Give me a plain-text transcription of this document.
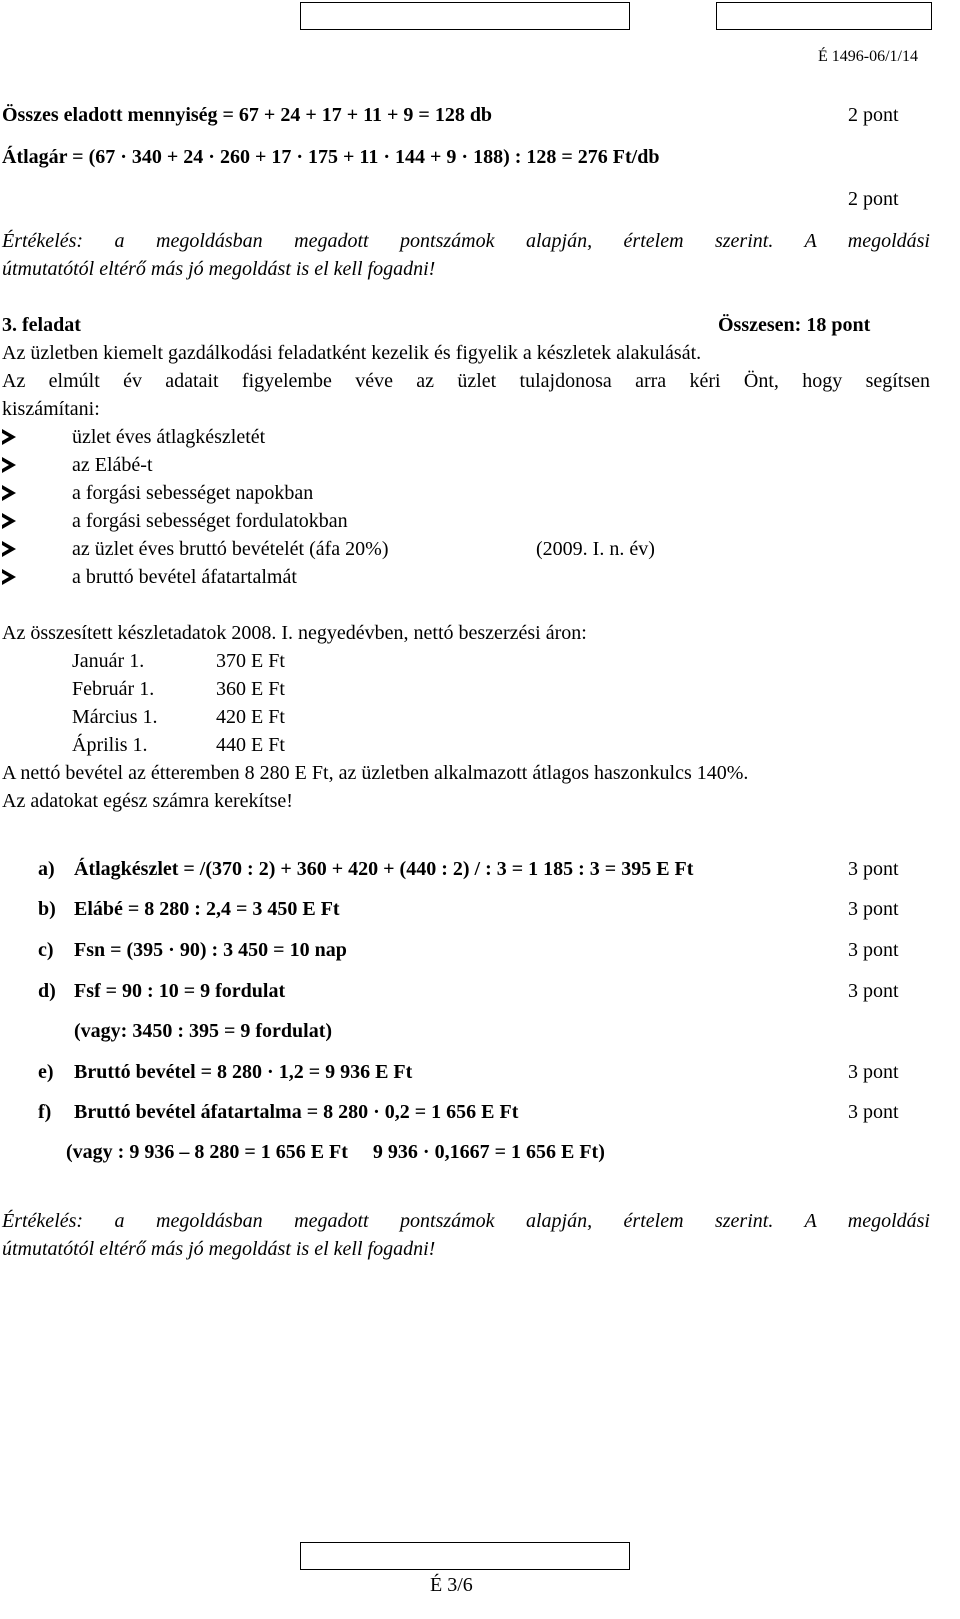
É 1496-06/1/14
Összes eladott mennyiség = 67 + 24 + 17 + 11 + 9 = 128 db	2 pont
Átlagár = (67 · 340 + 24 · 260 + 17 · 175 + 11 · 144 + 9 · 188) : 128 = 276 Ft/db
2 pont
Értékelés: a megoldásban megadott pontszámok alapján, értelem szerint. A megoldási
útmutatótól eltérő más jó megoldást is el kell fogadni!
3. feladat	Összesen: 18 pont
Az üzletben kiemelt gazdálkodási feladatként kezelik és figyelik a készletek alakulását.
Az elmúlt év adatait figyelembe véve az üzlet tulajdonosa arra kéri Önt, hogy segítsen
kiszámítani:
üzlet éves átlagkészletét
az Elábé-t
a forgási sebességet napokban
a forgási sebességet fordulatokban
az üzlet éves bruttó bevételét (áfa 20%)	(2009. I. n. év)
a bruttó bevétel áfatartalmát
Az összesített készletadatok 2008. I. negyedévben, nettó beszerzési áron:
Január 1.	370 E Ft
Február 1.	360 E Ft
Március 1.	420 E Ft
Április 1.	440 E Ft
A nettó bevétel az étteremben 8 280 E Ft, az üzletben alkalmazott átlagos haszonkulcs 140%.
Az adatokat egész számra kerekítse!
a) Átlagkészlet = /(370 : 2) + 360 + 420 + (440 : 2) / : 3 = 1 185 : 3 = 395 E Ft	3 pont
b) Elábé = 8 280 : 2,4 = 3 450 E Ft	3 pont
c) Fsn = (395 · 90) : 3 450 = 10 nap	3 pont
d) Fsf = 90 : 10 = 9 fordulat	3 pont
(vagy: 3450 : 395 = 9 fordulat)
e) Bruttó bevétel = 8 280 · 1,2 = 9 936 E Ft	3 pont
f) Bruttó bevétel áfatartalma = 8 280 · 0,2 = 1 656 E Ft	3 pont
(vagy : 9 936 – 8 280 = 1 656 E Ft     9 936 · 0,1667 = 1 656 E Ft)
Értékelés: a megoldásban megadott pontszámok alapján, értelem szerint. A megoldási
útmutatótól eltérő más jó megoldást is el kell fogadni!
É 3/6
